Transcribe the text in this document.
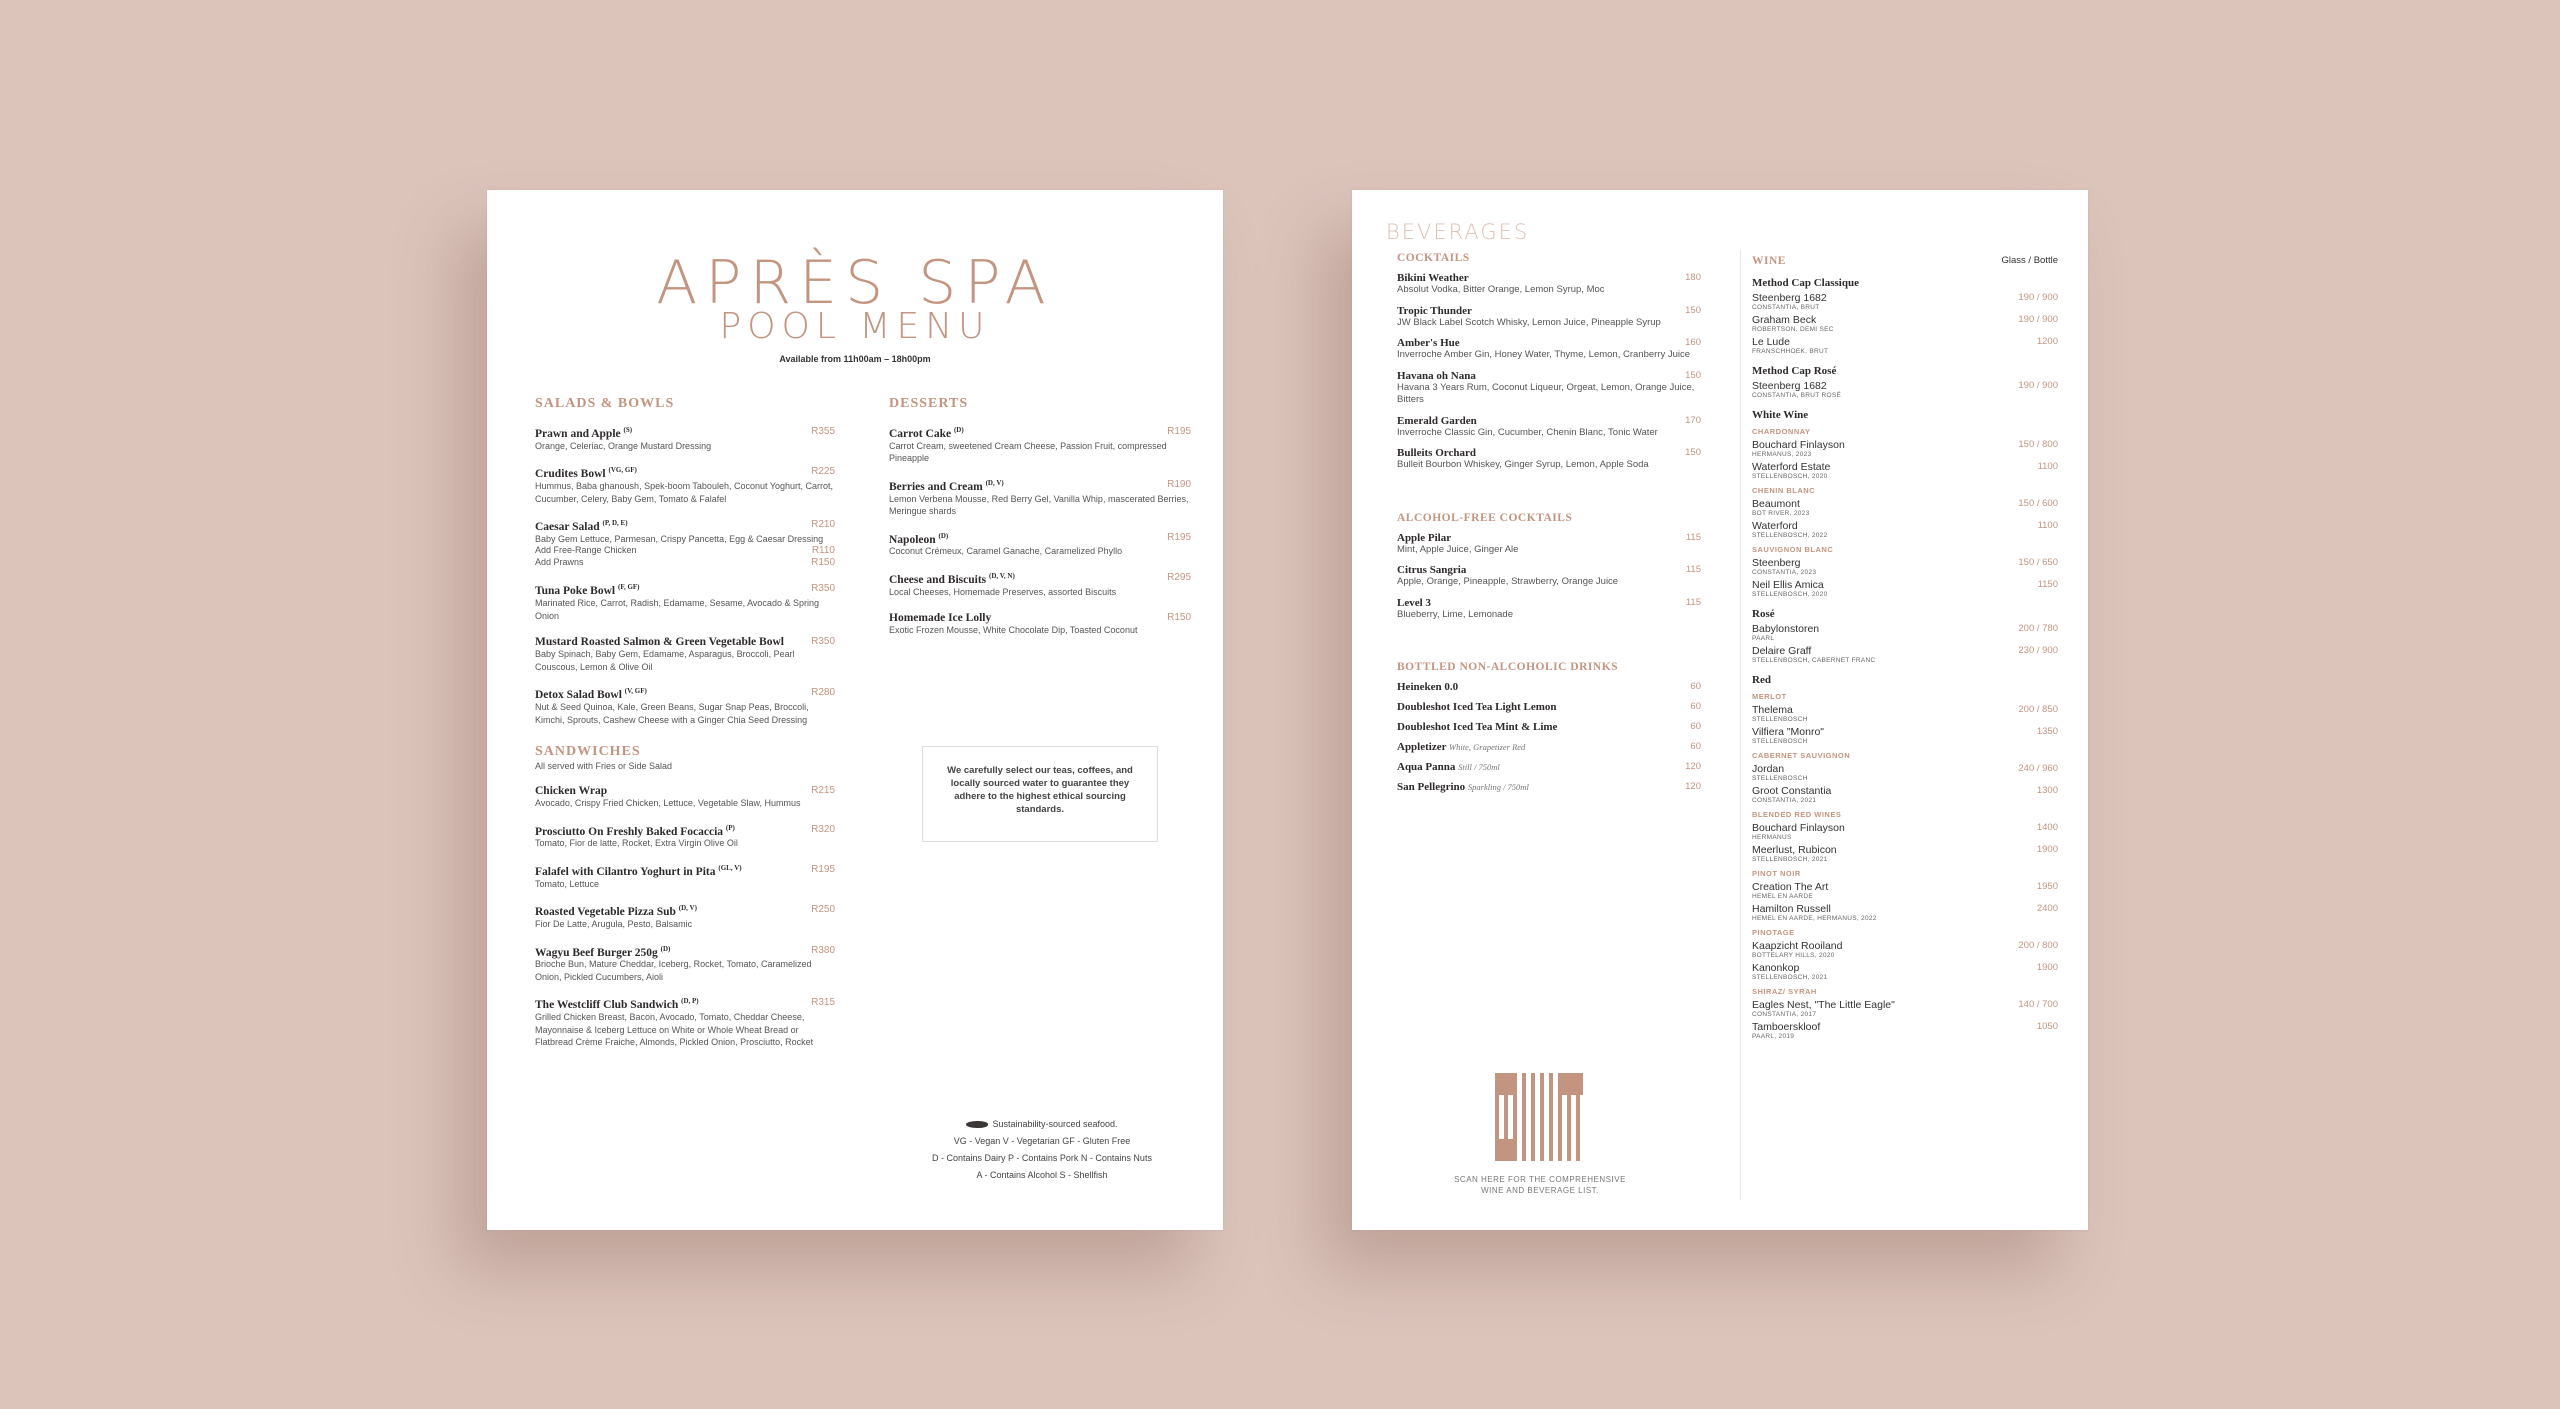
APRÈS SPA
POOL MENU
Available from 11h00am – 18h00pm
SALADS & BOWLS
Prawn and Apple $^{(S)}$	R355
Orange, Celeriac, Orange Mustard Dressing
Crudites Bowl $^{(VG, GF)}$	R225
Hummus, Baba ghanoush, Spek-boom Tabouleh, Coconut Yoghurt, Carrot, Cucumber, Celery, Baby Gem, Tomato & Falafel
Caesar Salad $^{(P, D, E)}$	R210
Baby Gem Lettuce, Parmesan, Crispy Pancetta, Egg & Caesar Dressing
Add Free-Range Chicken	R110
Add Prawns	R150
Tuna Poke Bowl $^{(F, GF)}$	R350
Marinated Rice, Carrot, Radish, Edamame, Sesame, Avocado & Spring Onion
Mustard Roasted Salmon & Green Vegetable Bowl	R350
Baby Spinach, Baby Gem, Edamame, Asparagus, Broccoli, Pearl Couscous, Lemon & Olive Oil
Detox Salad Bowl $^{(V, GF)}$	R280
Nut & Seed Quinoa, Kale, Green Beans, Sugar Snap Peas, Broccoli, Kimchi, Sprouts, Cashew Cheese with a Ginger Chia Seed Dressing
SANDWICHES
All served with Fries or Side Salad
Chicken Wrap	R215
Avocado, Crispy Fried Chicken, Lettuce, Vegetable Slaw, Hummus
Prosciutto On Freshly Baked Focaccia $^{(P)}$	R320
Tomato, Fior de latte, Rocket, Extra Virgin Olive Oil
Falafel with Cilantro Yoghurt in Pita $^{(GL, V)}$	R195
Tomato, Lettuce
Roasted Vegetable Pizza Sub $^{(D, V)}$	R250
Fior De Latte, Arugula, Pesto, Balsamic
Wagyu Beef Burger 250g $^{(D)}$	R380
Brioche Bun, Mature Cheddar, Iceberg, Rocket, Tomato, Caramelized Onion, Pickled Cucumbers, Aioli
The Westcliff Club Sandwich $^{(D, P)}$	R315
Grilled Chicken Breast, Bacon, Avocado, Tomato, Cheddar Cheese, Mayonnaise & Iceberg Lettuce on White or Whole Wheat Bread or Flatbread Crème Fraiche, Almonds, Pickled Onion, Prosciutto, Rocket
DESSERTS
Carrot Cake $^{(D)}$	R195
Carrot Cream, sweetened Cream Cheese, Passion Fruit, compressed Pineapple
Berries and Cream $^{(D, V)}$	R190
Lemon Verbena Mousse, Red Berry Gel, Vanilla Whip, mascerated Berries, Meringue shards
Napoleon $^{(D)}$	R195
Coconut Crémeux, Caramel Ganache, Caramelized Phyllo
Cheese and Biscuits $^{(D, V, N)}$	R295
Local Cheeses, Homemade Preserves, assorted Biscuits
Homemade Ice Lolly	R150
Exotic Frozen Mousse, White Chocolate Dip, Toasted Coconut
We carefully select our teas, coffees, and locally sourced water to guarantee they adhere to the highest ethical sourcing standards.
Sustainability-sourced seafood.
VG - Vegan V - Vegetarian GF - Gluten Free
D - Contains Dairy P - Contains Pork N - Contains Nuts
A - Contains Alcohol S - Shellfish
BEVERAGES
COCKTAILS
Bikini Weather	180
Absolut Vodka, Bitter Orange, Lemon Syrup, Moc
Tropic Thunder	150
JW Black Label Scotch Whisky, Lemon Juice, Pineapple Syrup
Amber's Hue	160
Inverroche Amber Gin, Honey Water, Thyme, Lemon, Cranberry Juice
Havana oh Nana	150
Havana 3 Years Rum, Coconut Liqueur, Orgeat, Lemon, Orange Juice, Bitters
Emerald Garden	170
Inverroche Classic Gin, Cucumber, Chenin Blanc, Tonic Water
Bulleits Orchard	150
Bulleit Bourbon Whiskey, Ginger Syrup, Lemon, Apple Soda
ALCOHOL-FREE COCKTAILS
Apple Pilar	115
Mint, Apple Juice, Ginger Ale
Citrus Sangria	115
Apple, Orange, Pineapple, Strawberry, Orange Juice
Level 3	115
Blueberry, Lime, Lemonade
BOTTLED NON-ALCOHOLIC DRINKS
Heineken 0.0	60
Doubleshot Iced Tea Light Lemon	60
Doubleshot Iced Tea Mint & Lime	60
Appletizer White, Grapetizer Red	60
Aqua Panna Still / 750ml	120
San Pellegrino Sparkling / 750ml	120
SCAN HERE FOR THE COMPREHENSIVE WINE AND BEVERAGE LIST.
WINE	Glass / Bottle
Method Cap Classique
Steenberg 1682	190 / 900
CONSTANTIA, BRUT
Graham Beck	190 / 900
ROBERTSON, DEMI SEC
Le Lude	1200
FRANSCHHOEK, BRUT
Method Cap Rosé
Steenberg 1682	190 / 900
CONSTANTIA, BRUT ROSÉ
White Wine
CHARDONNAY
Bouchard Finlayson	150 / 800
HERMANUS, 2023
Waterford Estate	1100
STELLENBOSCH, 2020
CHENIN BLANC
Beaumont	150 / 600
BOT RIVER, 2023
Waterford	1100
STELLENBOSCH, 2022
SAUVIGNON BLANC
Steenberg	150 / 650
CONSTANTIA, 2023
Neil Ellis Amica	1150
STELLENBOSCH, 2020
Rosé
Babylonstoren	200 / 780
PAARL
Delaire Graff	230 / 900
STELLENBOSCH, CABERNET FRANC
Red
MERLOT
Thelema	200 / 850
STELLENBOSCH
Vilfiera "Monro"	1350
STELLENBOSCH
CABERNET SAUVIGNON
Jordan	240 / 960
STELLENBOSCH
Groot Constantia	1300
CONSTANTIA, 2021
BLENDED RED WINES
Bouchard Finlayson	1400
HERMANUS
Meerlust, Rubicon	1900
STELLENBOSCH, 2021
PINOT NOIR
Creation The Art	1950
HEMEL EN AARDE
Hamilton Russell	2400
HEMEL EN AARDE, HERMANUS, 2022
PINOTAGE
Kaapzicht Rooiland	200 / 800
BOTTELARY HILLS, 2020
Kanonkop	1900
STELLENBOSCH, 2021
SHIRAZ/ SYRAH
Eagles Nest, "The Little Eagle"	140 / 700
CONSTANTIA, 2017
Tamboerskloof	1050
PAARL, 2019
